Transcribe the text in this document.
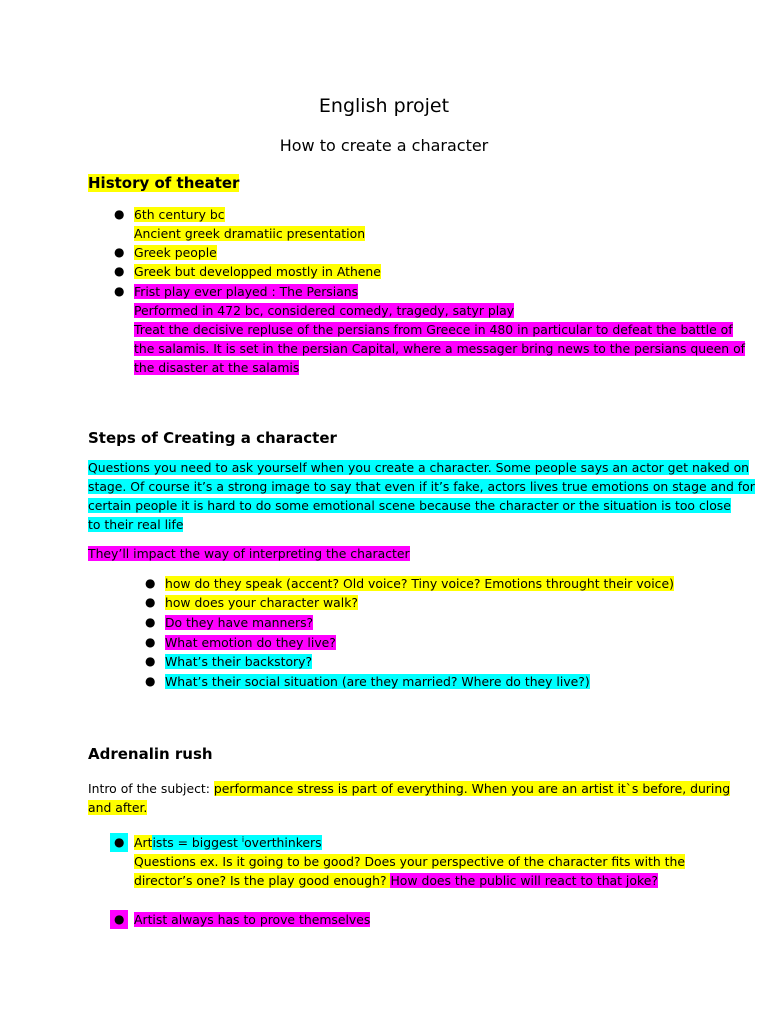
English projet
How to create a character
History of theater
● 6th century bc
Ancient greek dramatiic presentation
● Greek people
● Greek but developped mostly in Athene
● Frist play ever played : The Persians
Performed in 472 bc, considered comedy, tragedy, satyr play
Treat the decisive repluse of the persians from Greece in 480 in particular to defeat the battle of
the salamis. It is set in the persian Capital, where a messager bring news to the persians queen of
the disaster at the salamis
Steps of Creating a character
Questions you need to ask yourself when you create a character. Some people says an actor get naked on
stage. Of course it’s a strong image to say that even if it’s fake, actors lives true emotions on stage and for
certain people it is hard to do some emotional scene because the character or the situation is too close
to their real life
They’ll impact the way of interpreting the character
● how do they speak (accent? Old voice? Tiny voice? Emotions throught their voice)
● how does your character walk?
● Do they have manners?
● What emotion do they live?
● What’s their backstory?
● What’s their social situation (are they married? Where do they live?)
Adrenalin rush
Intro of the subject: performance stress is part of everything. When you are an artist it`s before, during
and after.
● Artists = biggest $^i$overthinkers
Questions ex. Is it going to be good? Does your perspective of the character fits with the
director’s one? Is the play good enough? How does the public will react to that joke?
● Artist always has to prove themselves
